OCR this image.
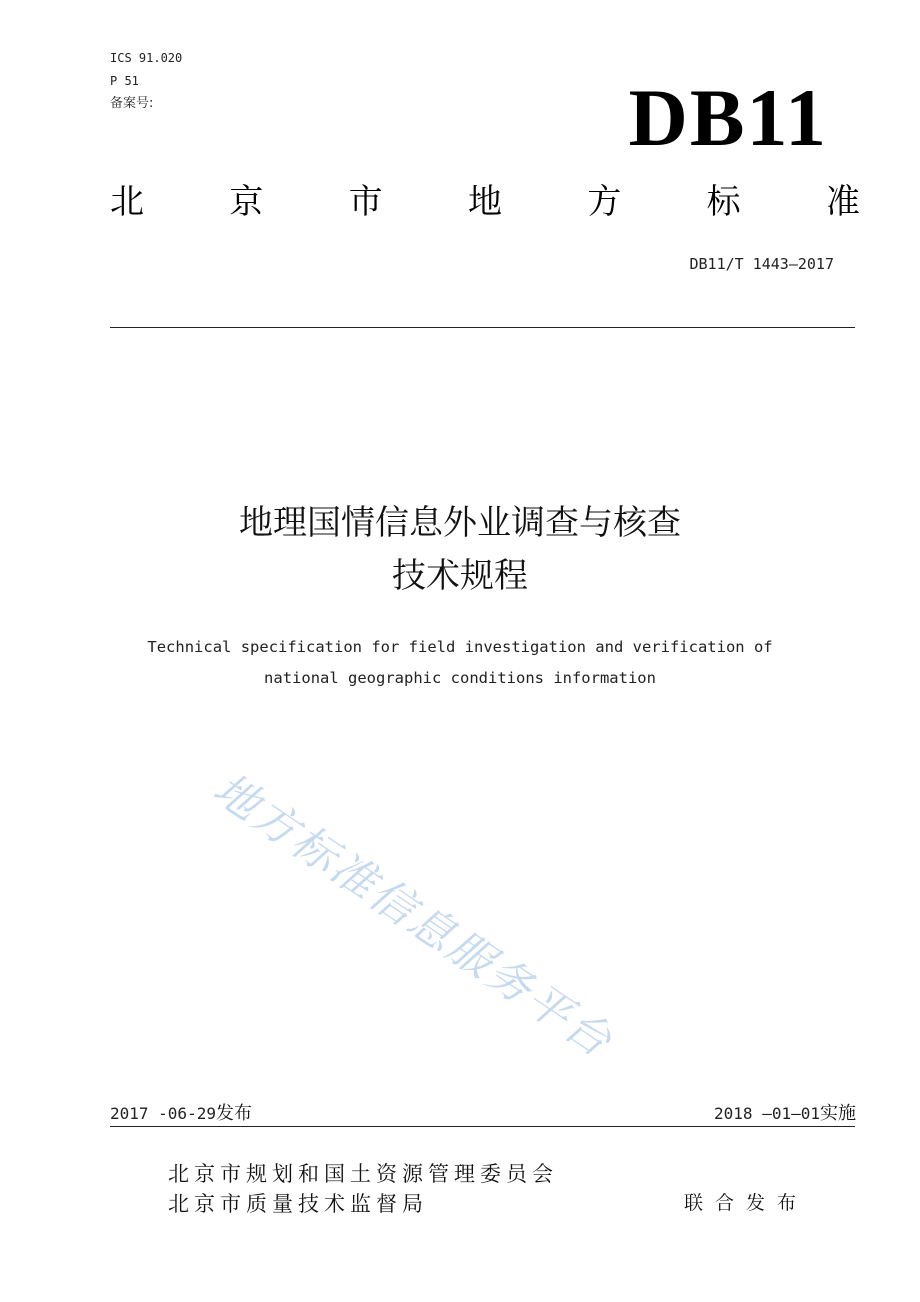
ICS 91.020
P 51
备案号:	DB11
北	京	市	地	方	标	准
DB11/T 1443—2017
地理国情信息外业调查与核查
技术规程
Technical specification for field investigation and verification of
national geographic conditions information
地方标准信息服务平台
2017 -06-29发布	2018 —01—01实施
北京市规划和国土资源管理委员会
北京市质量技术监督局	联合发布
